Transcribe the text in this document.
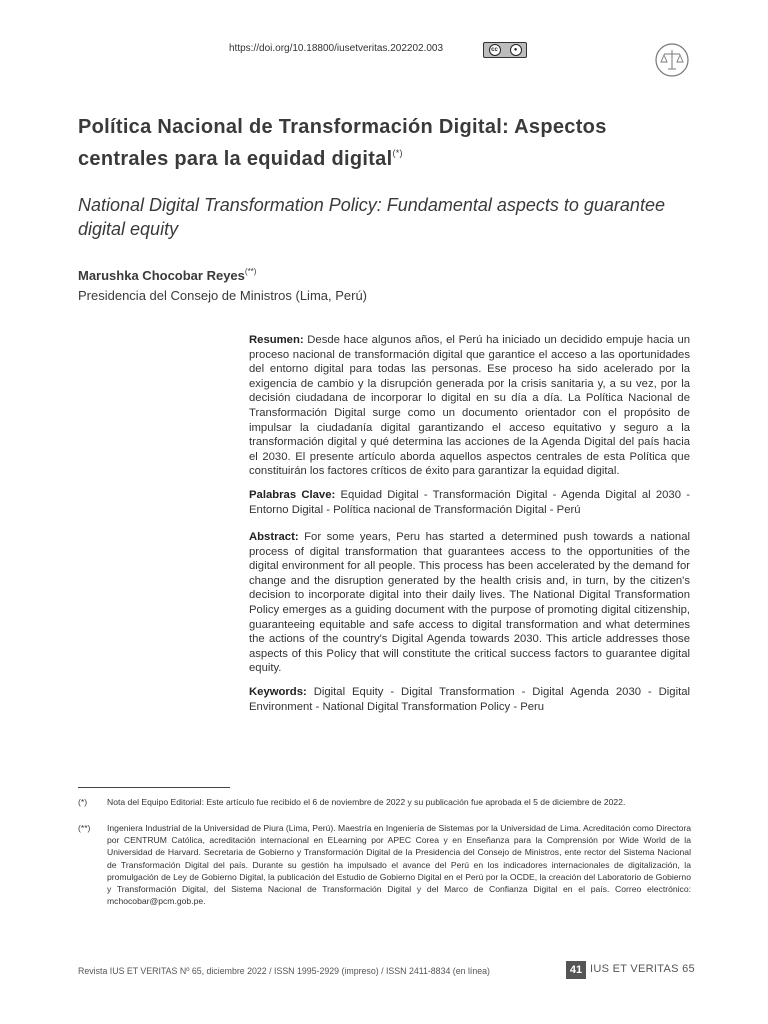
https://doi.org/10.18800/iusetveritas.202202.003	cc	●
Política Nacional de Transformación Digital: Aspectos centrales para la equidad digital(*)
National Digital Transformation Policy: Fundamental aspects to guarantee digital equity
Marushka Chocobar Reyes(**)
Presidencia del Consejo de Ministros (Lima, Perú)
Resumen: Desde hace algunos años, el Perú ha iniciado un decidido empuje hacia un proceso nacional de transformación digital que garantice el acceso a las oportunidades del entorno digital para todas las personas. Ese proceso ha sido acelerado por la exigencia de cambio y la disrupción generada por la crisis sanitaria y, a su vez, por la decisión ciudadana de incorporar lo digital en su día a día. La Política Nacional de Transformación Digital surge como un documento orientador con el propósito de impulsar la ciudadanía digital garantizando el acceso equitativo y seguro a la transformación digital y qué determina las acciones de la Agenda Digital del país hacia el 2030. El presente artículo aborda aquellos aspectos centrales de esta Política que constituirán los factores críticos de éxito para garantizar la equidad digital.
Palabras Clave: Equidad Digital - Transformación Digital - Agenda Digital al 2030 - Entorno Digital - Política nacional de Transformación Digital - Perú
Abstract: For some years, Peru has started a determined push towards a national process of digital transformation that guarantees access to the opportunities of the digital environment for all people. This process has been accelerated by the demand for change and the disruption generated by the health crisis and, in turn, by the citizen's decision to incorporate digital into their daily lives. The National Digital Transformation Policy emerges as a guiding document with the purpose of promoting digital citizenship, guaranteeing equitable and safe access to digital transformation and what determines the actions of the country's Digital Agenda towards 2030. This article addresses those aspects of this Policy that will constitute the critical success factors to guarantee digital equity.
Keywords: Digital Equity - Digital Transformation - Digital Agenda 2030 - Digital Environment - National Digital Transformation Policy - Peru
(*)	Nota del Equipo Editorial: Este artículo fue recibido el 6 de noviembre de 2022 y su publicación fue aprobada el 5 de diciembre de 2022.
(**)	Ingeniera Industrial de la Universidad de Piura (Lima, Perú). Maestría en Ingeniería de Sistemas por la Universidad de Lima. Acreditación como Directora por CENTRUM Católica, acreditación internacional en ELearning por APEC Corea y en Enseñanza para la Comprensión por Wide World de la Universidad de Harvard. Secretaria de Gobierno y Transformación Digital de la Presidencia del Consejo de Ministros, ente rector del Sistema Nacional de Transformación Digital del país. Durante su gestión ha impulsado el avance del Perú en los indicadores internacionales de digitalización, la promulgación de Ley de Gobierno Digital, la publicación del Estudio de Gobierno Digital en el Perú por la OCDE, la creación del Laboratorio de Gobierno y Transformación Digital, del Sistema Nacional de Transformación Digital y del Marco de Confianza Digital en el país. Correo electrónico: mchocobar@pcm.gob.pe.
Revista IUS ET VERITAS Nº 65, diciembre 2022 / ISSN 1995-2929 (impreso) / ISSN 2411-8834 (en línea)	41 IUS ET VERITAS 65
